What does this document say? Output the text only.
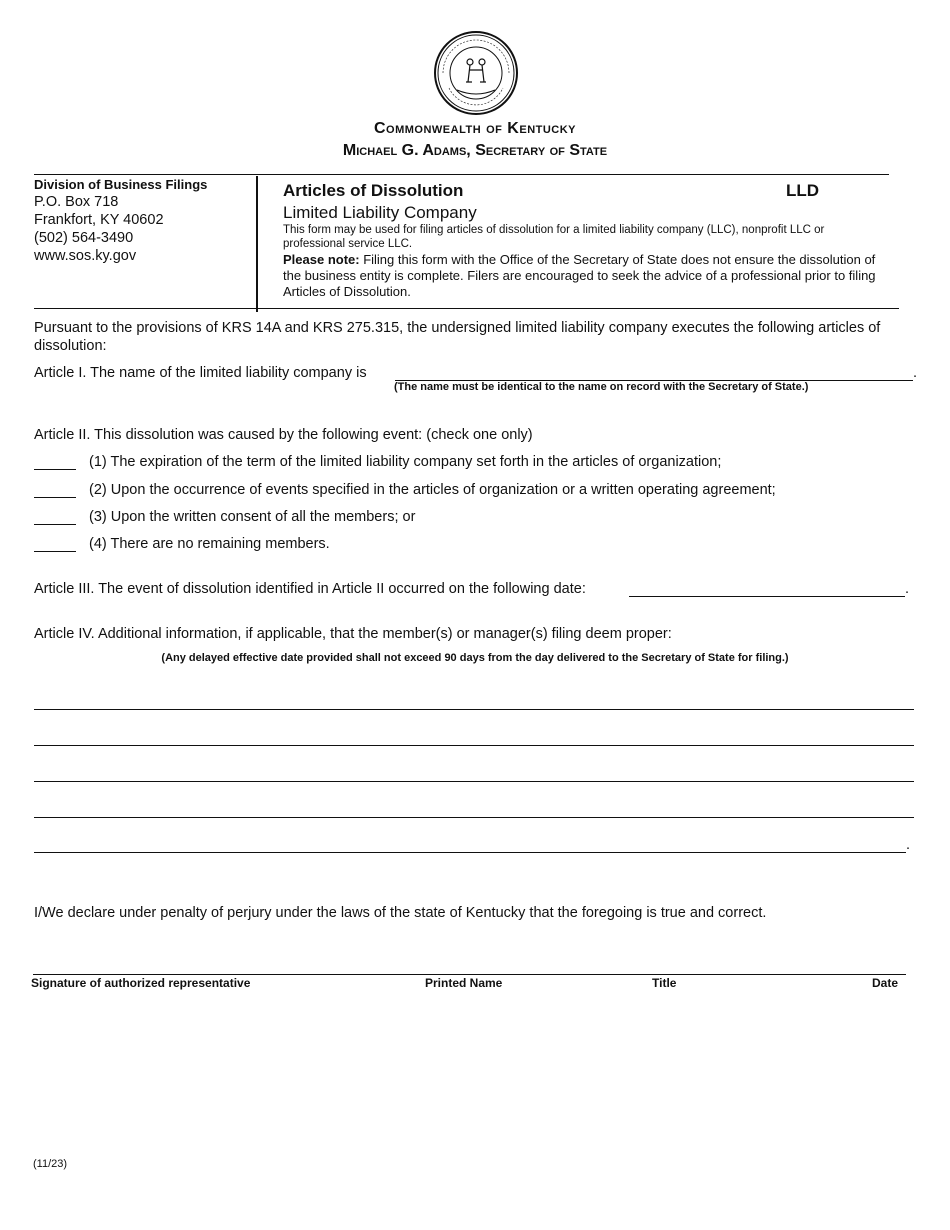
Commonwealth of Kentucky
Michael G. Adams, Secretary of State
Division of Business Filings
P.O. Box 718
Frankfort, KY 40602
(502) 564-3490
www.sos.ky.gov
Articles of Dissolution	LLD
Limited Liability Company
This form may be used for filing articles of dissolution for a limited liability company (LLC), nonprofit LLC or professional service LLC.
Please note: Filing this form with the Office of the Secretary of State does not ensure the dissolution of the business entity is complete. Filers are encouraged to seek the advice of a professional prior to filing Articles of Dissolution.
Pursuant to the provisions of KRS 14A and KRS 275.315, the undersigned limited liability company executes the following articles of dissolution:
Article I. The name of the limited liability company is	.
(The name must be identical to the name on record with the Secretary of State.)
Article II. This dissolution was caused by the following event: (check one only)
(1) The expiration of the term of the limited liability company set forth in the articles of organization;
(2) Upon the occurrence of events specified in the articles of organization or a written operating agreement;
(3) Upon the written consent of all the members; or
(4) There are no remaining members.
Article III. The event of dissolution identified in Article II occurred on the following date:	.
Article IV. Additional information, if applicable, that the member(s) or manager(s) filing deem proper:
(Any delayed effective date provided shall not exceed 90 days from the day delivered to the Secretary of State for filing.)
.
I/We declare under penalty of perjury under the laws of the state of Kentucky that the foregoing is true and correct.
Signature of authorized representative	Printed Name	Title	Date
(11/23)
